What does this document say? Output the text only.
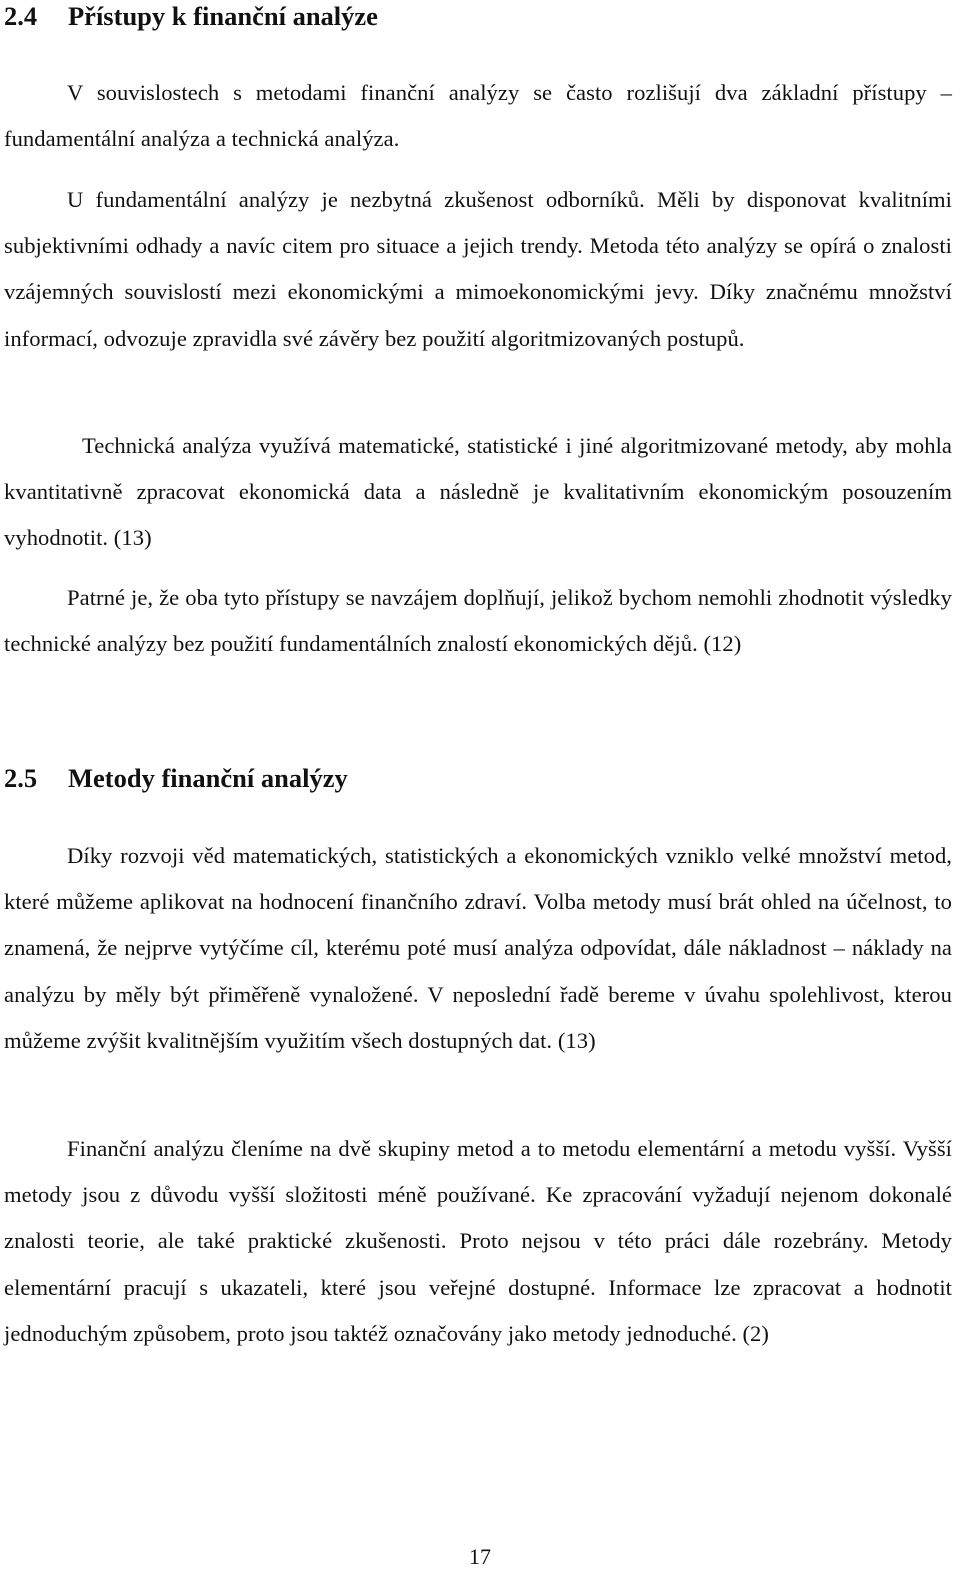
2.4 Přístupy k finanční analýze

V souvislostech s metodami finanční analýzy se často rozlišují dva základní přístupy – fundamentální analýza a technická analýza.

U fundamentální analýzy je nezbytná zkušenost odborníků. Měli by disponovat kvalitními subjektivními odhady a navíc citem pro situace a jejich trendy. Metoda této analýzy se opírá o znalosti vzájemných souvislostí mezi ekonomickými a mimoekonomickými jevy. Díky značnému množství informací, odvozuje zpravidla své závěry bez použití algoritmizovaných postupů.

Technická analýza využívá matematické, statistické i jiné algoritmizované metody, aby mohla kvantitativně zpracovat ekonomická data a následně je kvalitativním ekonomickým posouzením vyhodnotit. (13)

Patrné je, že oba tyto přístupy se navzájem doplňují, jelikož bychom nemohli zhodnotit výsledky technické analýzy bez použití fundamentálních znalostí ekonomických dějů. (12)

2.5 Metody finanční analýzy

Díky rozvoji věd matematických, statistických a ekonomických vzniklo velké množství metod, které můžeme aplikovat na hodnocení finančního zdraví. Volba metody musí brát ohled na účelnost, to znamená, že nejprve vytýčíme cíl, kterému poté musí analýza odpovídat, dále nákladnost – náklady na analýzu by měly být přiměřeně vynaložené. V neposlední řadě bereme v úvahu spolehlivost, kterou můžeme zvýšit kvalitnějším využitím všech dostupných dat. (13)

Finanční analýzu členíme na dvě skupiny metod a to metodu elementární a metodu vyšší. Vyšší metody jsou z důvodu vyšší složitosti méně používané. Ke zpracování vyžadují nejenom dokonalé znalosti teorie, ale také praktické zkušenosti. Proto nejsou v této práci dále rozebrány. Metody elementární pracují s ukazateli, které jsou veřejné dostupné. Informace lze zpracovat a hodnotit jednoduchým způsobem, proto jsou taktéž označovány jako metody jednoduché. (2)

17
